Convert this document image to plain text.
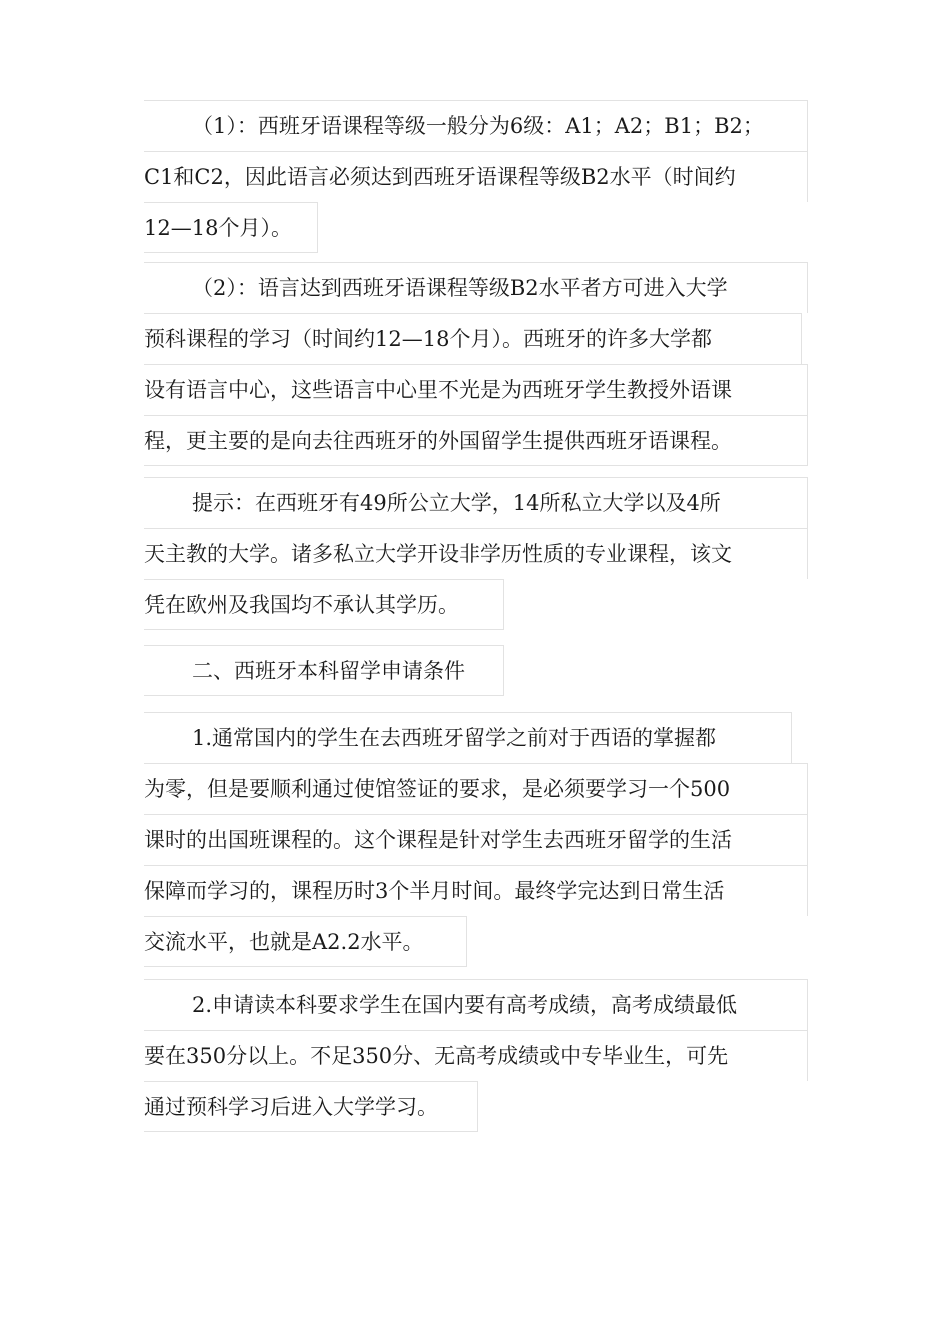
（1）：西班牙语课程等级一般分为6级：A1；A2；B1；B2；
C1和C2，因此语言必须达到西班牙语课程等级B2水平（时间约
12—18个月）。
（2）：语言达到西班牙语课程等级B2水平者方可进入大学
预科课程的学习（时间约12—18个月）。西班牙的许多大学都
设有语言中心，这些语言中心里不光是为西班牙学生教授外语课
程，更主要的是向去往西班牙的外国留学生提供西班牙语课程。
提示：在西班牙有49所公立大学，14所私立大学以及4所
天主教的大学。诸多私立大学开设非学历性质的专业课程，该文
凭在欧州及我国均不承认其学历。
二、西班牙本科留学申请条件
1.通常国内的学生在去西班牙留学之前对于西语的掌握都
为零，但是要顺利通过使馆签证的要求，是必须要学习一个500
课时的出国班课程的。这个课程是针对学生去西班牙留学的生活
保障而学习的，课程历时3个半月时间。最终学完达到日常生活
交流水平，也就是A2.2水平。
2.申请读本科要求学生在国内要有高考成绩，高考成绩最低
要在350分以上。不足350分、无高考成绩或中专毕业生，可先
通过预科学习后进入大学学习。
